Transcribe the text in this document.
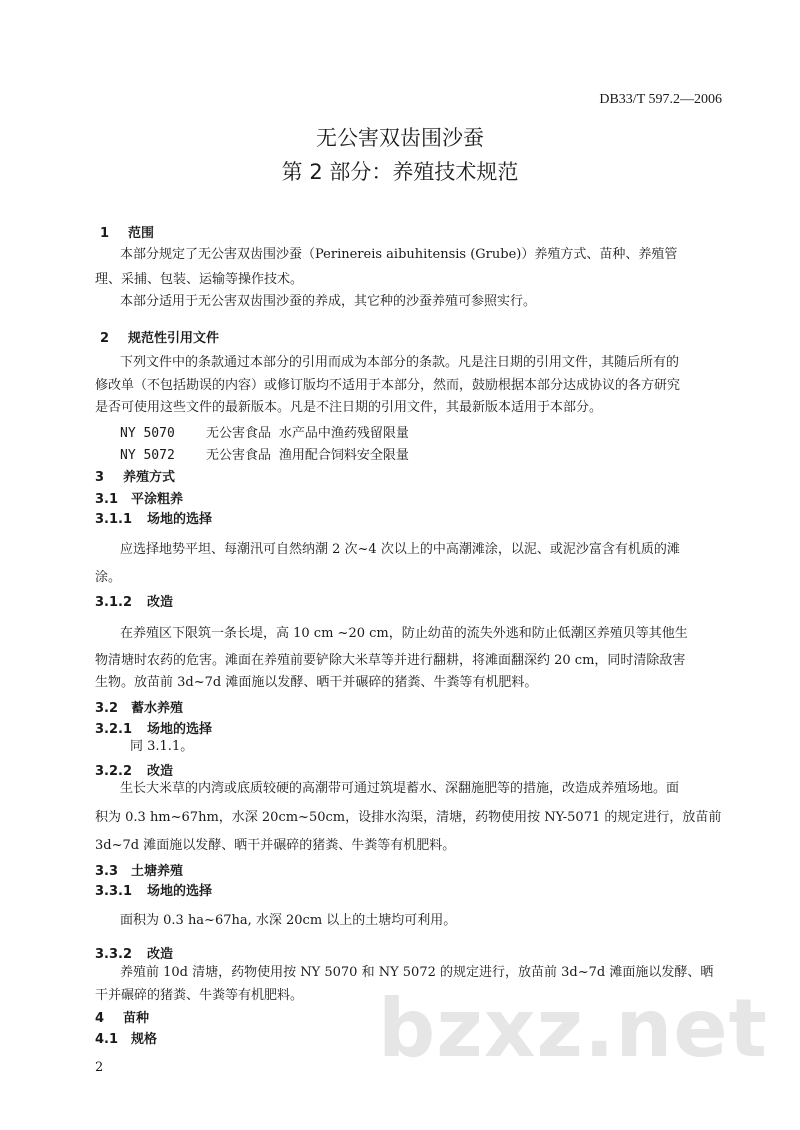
DB33/T 597.2—2006
无公害双齿围沙蚕
第 2 部分：养殖技术规范
1 范围
本部分规定了无公害双齿围沙蚕（Perinereis aibuhitensis (Grube)）养殖方式、苗种、养殖管
理、采捕、包装、运输等操作技术。
本部分适用于无公害双齿围沙蚕的养成，其它种的沙蚕养殖可参照实行。
2 规范性引用文件
下列文件中的条款通过本部分的引用而成为本部分的条款。凡是注日期的引用文件，其随后所有的
修改单（不包括勘误的内容）或修订版均不适用于本部分，然而，鼓励根据本部分达成协议的各方研究
是否可使用这些文件的最新版本。凡是不注日期的引用文件，其最新版本适用于本部分。
NY 5070 无公害食品 水产品中渔药残留限量
NY 5072 无公害食品 渔用配合饲料安全限量
3 养殖方式
3.1 平涂粗养
3.1.1 场地的选择
应选择地势平坦、每潮汛可自然纳潮 2 次~4 次以上的中高潮滩涂，以泥、或泥沙富含有机质的滩
涂。
3.1.2 改造
在养殖区下限筑一条长堤，高 10 cm ~20 cm，防止幼苗的流失外逃和防止低潮区养殖贝等其他生
物清塘时农药的危害。滩面在养殖前要铲除大米草等并进行翻耕，将滩面翻深约 20 cm，同时清除敌害
生物。放苗前 3d~7d 滩面施以发酵、晒干并碾碎的猪粪、牛粪等有机肥料。
3.2 蓄水养殖
3.2.1 场地的选择
同 3.1.1。
3.2.2 改造
生长大米草的内湾或底质较硬的高潮带可通过筑堤蓄水、深翻施肥等的措施，改造成养殖场地。面
积为 0.3 hm~67hm，水深 20cm~50cm，设排水沟渠，清塘，药物使用按 NY-5071 的规定进行，放苗前
3d~7d 滩面施以发酵、晒干并碾碎的猪粪、牛粪等有机肥料。
3.3 土塘养殖
3.3.1 场地的选择
面积为 0.3 ha~67ha, 水深 20cm 以上的土塘均可利用。
3.3.2 改造
养殖前 10d 清塘，药物使用按 NY 5070 和 NY 5072 的规定进行，放苗前 3d~7d 滩面施以发酵、晒
干并碾碎的猪粪、牛粪等有机肥料。
4 苗种
4.1 规格	bzxz.net
2
